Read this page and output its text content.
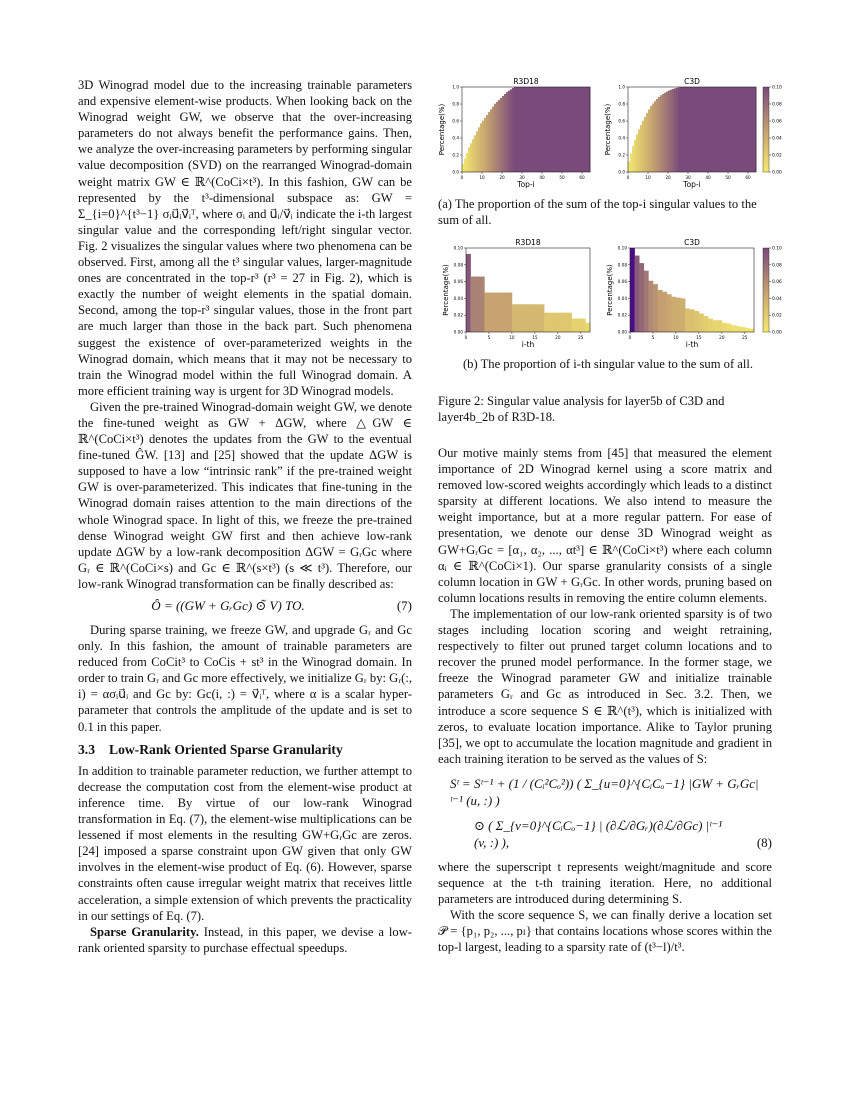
R3D18
Top-i
Percentage(%)
0	10	20	30	40	50	60
0.0
0.2
0.4
0.6
0.8
1.0
C3D
Top-i
Percentage(%)
0	10	20	30	40	50	60
0.0
0.2
0.4
0.6
0.8
1.0
0.00
0.02
0.04
0.06
0.08
0.10
R3D18
i-th
Percentage(%)
0	5	10	15	20	25
0.00
0.02
0.04
0.06
0.08
0.10
C3D
i-th
Percentage(%)
0	5	10	15	20	25
0.00
0.02
0.04
0.06
0.08
0.10
0.00
0.02
0.04
0.06
0.08
0.10
(a) The proportion of the sum of the top-i singular values to the sum of all.
(b) The proportion of i-th singular value to the sum of all.
Figure 2: Singular value analysis for layer5b of C3D and layer4b_2b of R3D-18.

3D Winograd model due to the increasing trainable parameters and expensive element-wise products. When looking back on the Winograd weight GW, we observe that the over-increasing parameters do not always benefit the performance gains. Then, we analyze the over-increasing parameters by performing singular value decomposition (SVD) on the rearranged Winograd-domain weight matrix GW ∈ ℝ^(CoCi×t³). In this fashion, GW can be represented by the t³-dimensional subspace as: GW = Σ_{i=0}^{t³−1} σᵢu⃗ᵢv⃗ᵢᵀ, where σᵢ and u⃗ᵢ/v⃗ᵢ indicate the i-th largest singular value and the corresponding left/right singular vector. Fig. 2 visualizes the singular values where two phenomena can be observed. First, among all the t³ singular values, larger-magnitude ones are concentrated in the top-r³ (r³ = 27 in Fig. 2), which is exactly the number of weight elements in the spatial domain. Second, among the top-r³ singular values, those in the front part are much larger than those in the back part. Such phenomena suggest the existence of over-parameterized weights in the Winograd domain, which means that it may not be necessary to train the Winograd model within the full Winograd domain. A more efficient training way is urgent for 3D Winograd models.

Given the pre-trained Winograd-domain weight GW, we denote the fine-tuned weight as GW + ΔGW, where △GW ∈ ℝ^(CoCi×t³) denotes the updates from the GW to the eventual fine-tuned ĜW. [13] and [25] showed that the update ΔGW is supposed to have a low “intrinsic rank” if the pre-trained weight GW is over-parameterized. This indicates that fine-tuning in the Winograd domain raises attention to the main directions of the whole Winograd space. In light of this, we freeze the pre-trained dense Winograd weight GW first and then achieve low-rank update ΔGW by a low-rank decomposition ΔGW = GᵣGc where Gᵣ ∈ ℝ^(CoCi×s) and Gc ∈ ℝ^(s×t³) (s ≪ t³). Therefore, our low-rank Winograd transformation can be finally described as:

Ô = ((GW + GᵣGc) ⊙̃ V) TO.	(7)

During sparse training, we freeze GW, and upgrade Gᵣ and Gc only. In this fashion, the amount of trainable parameters are reduced from CoCit³ to CoCis + st³ in the Winograd domain. In order to train Gᵣ and Gc more effectively, we initialize Gᵣ by: Gᵣ(:, i) = ασᵢu⃗ᵢ and Gc by: Gc(i, :) = v⃗ᵢᵀ, where α is a scalar hyper-parameter that controls the amplitude of the update and is set to 0.1 in this paper.

3.3 Low-Rank Oriented Sparse Granularity

In addition to trainable parameter reduction, we further attempt to decrease the computation cost from the element-wise product at inference time. By virtue of our low-rank Winograd transformation in Eq. (7), the element-wise multiplications can be lessened if most elements in the resulting GW+GᵣGc are zeros. [24] imposed a sparse constraint upon GW given that only GW involves in the element-wise product of Eq. (6). However, sparse constraints often cause irregular weight matrix that receives little acceleration, a simple extension of which prevents the practicality in our settings of Eq. (7).

Sparse Granularity. Instead, in this paper, we devise a low-rank oriented sparsity to purchase effectual speedups.

Our motive mainly stems from [45] that measured the element importance of 2D Winograd kernel using a score matrix and removed low-scored weights accordingly which leads to a distinct sparsity at different locations. We also intend to measure the weight importance, but at a more regular pattern. For ease of presentation, we denote our dense 3D Winograd weight as GW+GᵣGc = [α₁, α₂, ..., αt³] ∈ ℝ^(CoCi×t³) where each column αᵢ ∈ ℝ^(CoCi×1). Our sparse granularity consists of a single column location in GW + GᵣGc. In other words, pruning based on column locations results in removing the entire column elements.

The implementation of our low-rank oriented sparsity is of two stages including location scoring and weight retraining, respectively to filter out pruned target column locations and to recover the pruned model performance. In the former stage, we freeze the Winograd parameter GW and initialize trainable parameters Gᵣ and Gc as introduced in Sec. 3.2. Then, we introduce a score sequence S ∈ ℝ^(t³), which is initialized with zeros, to evaluate location importance. Alike to Taylor pruning [35], we opt to accumulate the location magnitude and gradient in each training iteration to be served as the values of S:

Sᵗ = Sᵗ⁻¹ + (1 / (Cᵢ²Cₒ²)) ( Σ_{u=0}^{CᵢCₒ−1} |GW + GᵣGc|ᵗ⁻¹ (u, :) )
⊙ ( Σ_{v=0}^{CᵢCₒ−1} | (∂ℒ/∂Gᵣ)(∂ℒ/∂Gc) |ᵗ⁻¹ (v, :) ),	(8)

where the superscript t represents weight/magnitude and score sequence at the t-th training iteration. Here, no additional parameters are introduced during determining S.

With the score sequence S, we can finally derive a location set 𝒫 = {p₁, p₂, ..., pₗ} that contains locations whose scores within the top-l largest, leading to a sparsity rate of (t³−l)/t³.
